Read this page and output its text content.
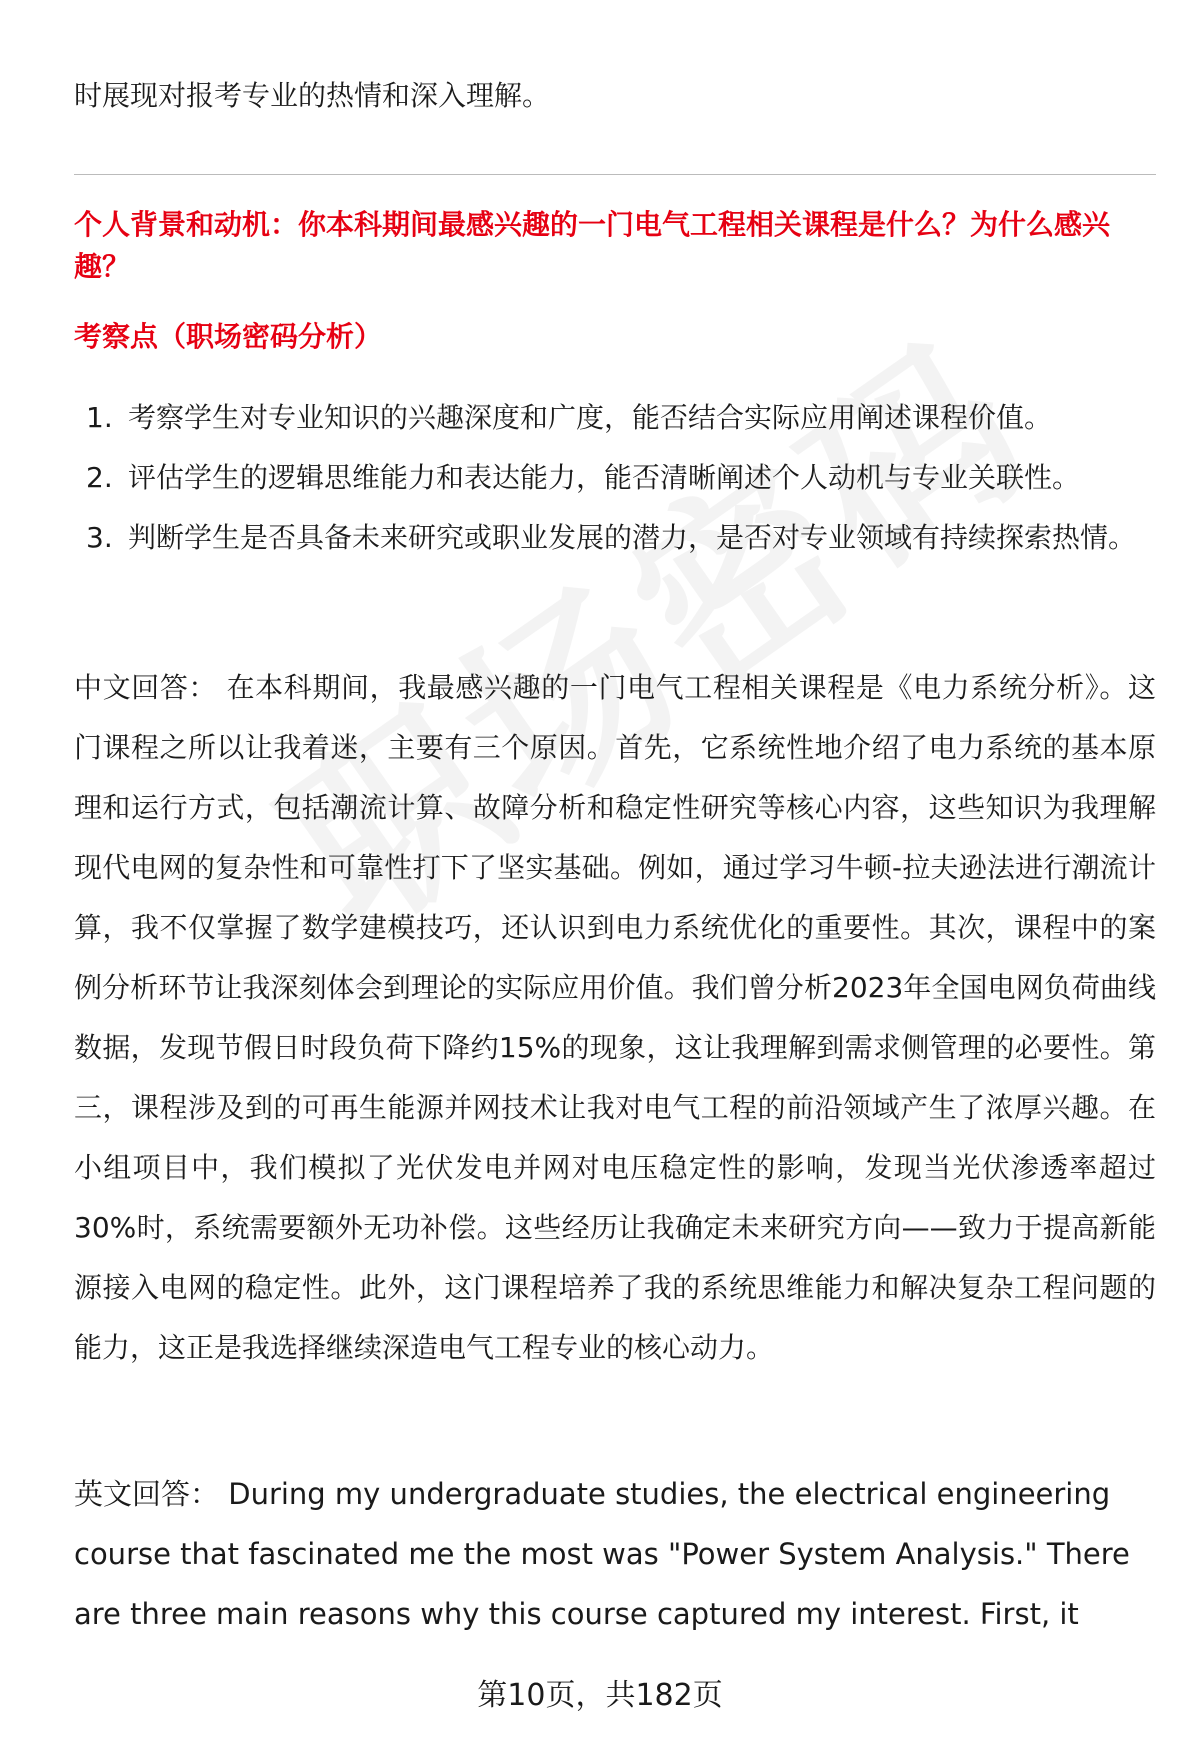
时展现对报考专业的热情和深入理解。

个人背景和动机：你本科期间最感兴趣的一门电气工程相关课程是什么？为什么感兴趣？

考察点（职场密码分析）

1. 考察学生对专业知识的兴趣深度和广度，能否结合实际应用阐述课程价值。
2. 评估学生的逻辑思维能力和表达能力，能否清晰阐述个人动机与专业关联性。
3. 判断学生是否具备未来研究或职业发展的潜力，是否对专业领域有持续探索热情。

中文回答： 在本科期间，我最感兴趣的一门电气工程相关课程是《电力系统分析》。这门课程之所以让我着迷，主要有三个原因。首先，它系统性地介绍了电力系统的基本原理和运行方式，包括潮流计算、故障分析和稳定性研究等核心内容，这些知识为我理解现代电网的复杂性和可靠性打下了坚实基础。例如，通过学习牛顿-拉夫逊法进行潮流计算，我不仅掌握了数学建模技巧，还认识到电力系统优化的重要性。其次，课程中的案例分析环节让我深刻体会到理论的实际应用价值。我们曾分析2023年全国电网负荷曲线数据，发现节假日时段负荷下降约15%的现象，这让我理解到需求侧管理的必要性。第三，课程涉及到的可再生能源并网技术让我对电气工程的前沿领域产生了浓厚兴趣。在小组项目中，我们模拟了光伏发电并网对电压稳定性的影响，发现当光伏渗透率超过30%时，系统需要额外无功补偿。这些经历让我确定未来研究方向——致力于提高新能源接入电网的稳定性。此外，这门课程培养了我的系统思维能力和解决复杂工程问题的能力，这正是我选择继续深造电气工程专业的核心动力。

英文回答： During my undergraduate studies, the electrical engineering course that fascinated me the most was "Power System Analysis." There are three main reasons why this course captured my interest. First, it

第10页，共182页
